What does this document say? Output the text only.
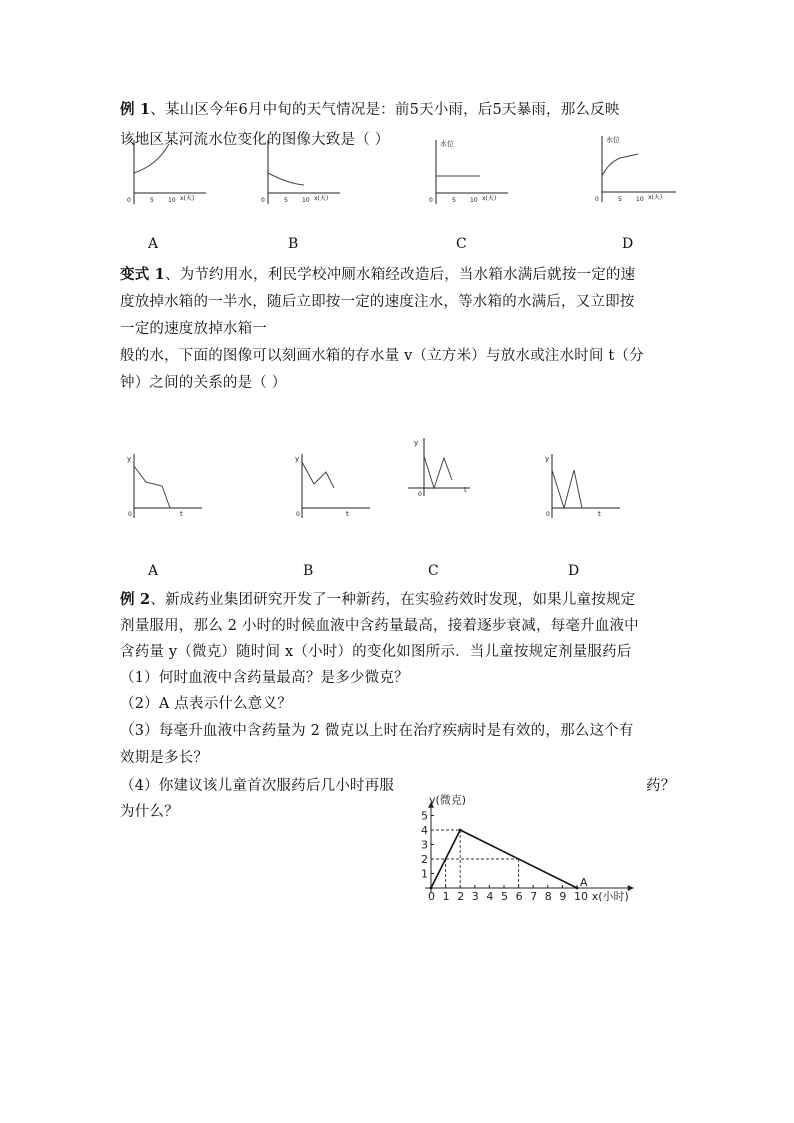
例 1、某山区今年6月中旬的天气情况是：前5天小雨，后5天暴雨，那么反映
该地区某河流水位变化的图像大致是（ ）
0	5 10 x(天)	0	5 10 x(天)
水位
0	5 10 x(天)
水位
0	5 10 x(天)
A	B	C	D
变式 1、为节约用水，利民学校冲厕水箱经改造后，当水箱水满后就按一定的速
度放掉水箱的一半水，随后立即按一定的速度注水，等水箱的水满后，又立即按
一定的速度放掉水箱一
般的水，下面的图像可以刻画水箱的存水量 v（立方米）与放水或注水时间 t（分
钟）之间的关系的是（ ）
y
0	t
y
0	t
y
0
t
y
0	t
A	B	C	D
例 2、新成药业集团研究开发了一种新药，在实验药效时发现，如果儿童按规定
剂量服用，那么 2 小时的时候血液中含药量最高，接着逐步衰减，每毫升血液中
含药量 y（微克）随时间 x（小时）的变化如图所示．当儿童按规定剂量服药后
（1）何时血液中含药量最高？是多少微克？
（2）A 点表示什么意义？
（3）每毫升血液中含药量为 2 微克以上时在治疗疾病时是有效的，那么这个有
效期是多长？
（4）你建议该儿童首次服药后几小时再服	药？
为什么？
0 1 2 3 4 5 6 7 8 9 10
1
2
3
4
5
y(微克)
x(小时)
A
